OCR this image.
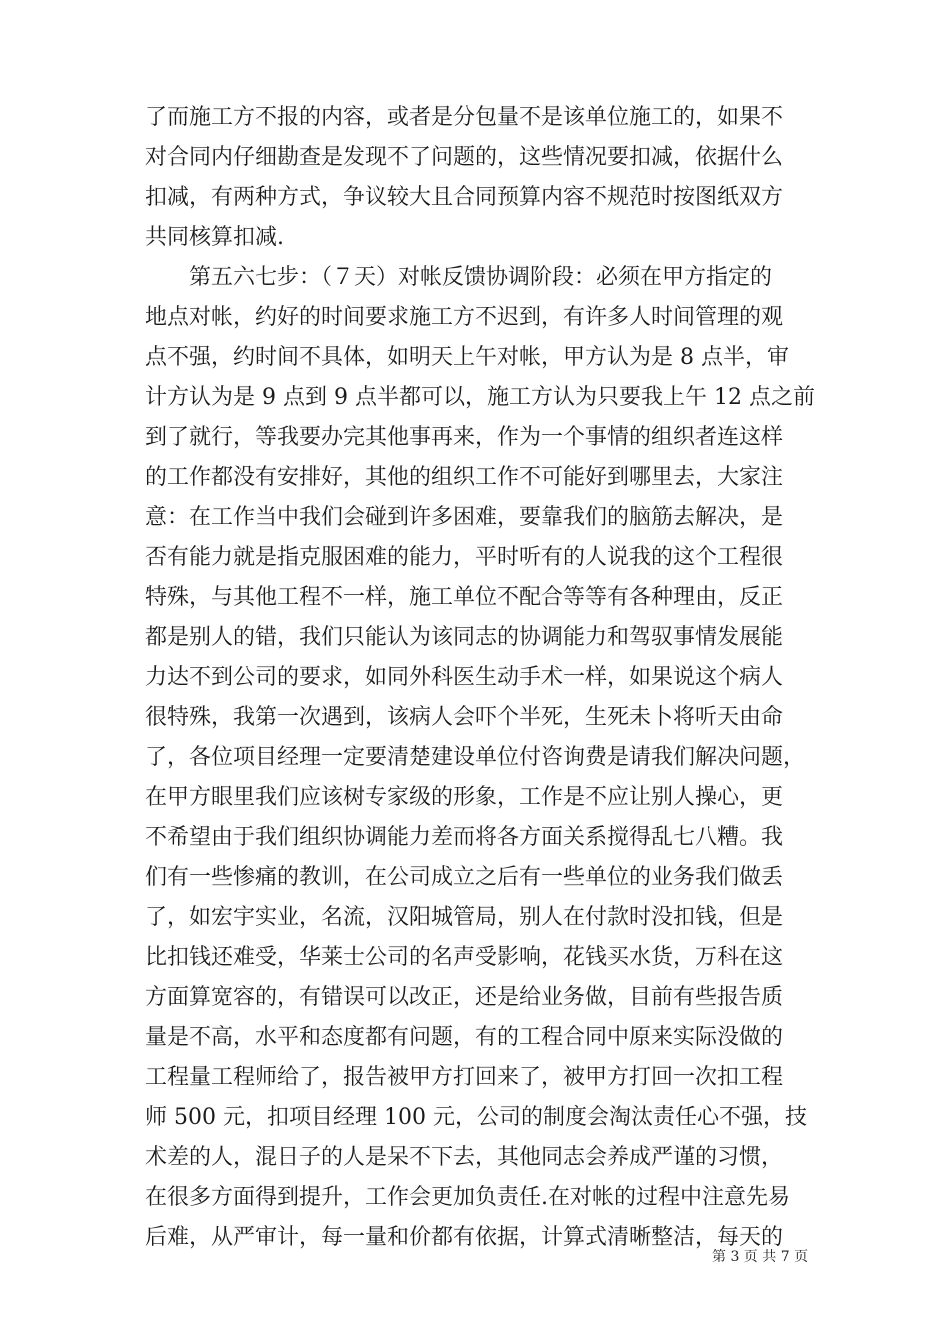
了而施工方不报的内容，或者是分包量不是该单位施工的，如果不
对合同内仔细勘查是发现不了问题的，这些情况要扣减，依据什么
扣减，有两种方式，争议较大且合同预算内容不规范时按图纸双方
共同核算扣减.
　　第五六七步：（７天）对帐反馈协调阶段：必须在甲方指定的
地点对帐，约好的时间要求施工方不迟到，有许多人时间管理的观
点不强，约时间不具体，如明天上午对帐，甲方认为是 8 点半，审
计方认为是 9 点到 9 点半都可以，施工方认为只要我上午 12 点之前
到了就行，等我要办完其他事再来，作为一个事情的组织者连这样
的工作都没有安排好，其他的组织工作不可能好到哪里去，大家注
意：在工作当中我们会碰到许多困难，要靠我们的脑筋去解决，是
否有能力就是指克服困难的能力，平时听有的人说我的这个工程很
特殊，与其他工程不一样，施工单位不配合等等有各种理由，反正
都是别人的错，我们只能认为该同志的协调能力和驾驭事情发展能
力达不到公司的要求，如同外科医生动手术一样，如果说这个病人
很特殊，我第一次遇到，该病人会吓个半死，生死未卜将听天由命
了，各位项目经理一定要清楚建设单位付咨询费是请我们解决问题，
在甲方眼里我们应该树专家级的形象，工作是不应让别人操心，更
不希望由于我们组织协调能力差而将各方面关系搅得乱七八糟。我
们有一些惨痛的教训，在公司成立之后有一些单位的业务我们做丢
了，如宏宇实业，名流，汉阳城管局，别人在付款时没扣钱，但是
比扣钱还难受，华莱士公司的名声受影响，花钱买水货，万科在这
方面算宽容的，有错误可以改正，还是给业务做，目前有些报告质
量是不高，水平和态度都有问题，有的工程合同中原来实际没做的
工程量工程师给了，报告被甲方打回来了，被甲方打回一次扣工程
师 500 元，扣项目经理 100 元，公司的制度会淘汰责任心不强，技
术差的人，混日子的人是呆不下去，其他同志会养成严谨的习惯，
在很多方面得到提升，工作会更加负责任.在对帐的过程中注意先易
后难，从严审计，每一量和价都有依据，计算式清晰整洁，每天的
第 3 页 共 7 页
